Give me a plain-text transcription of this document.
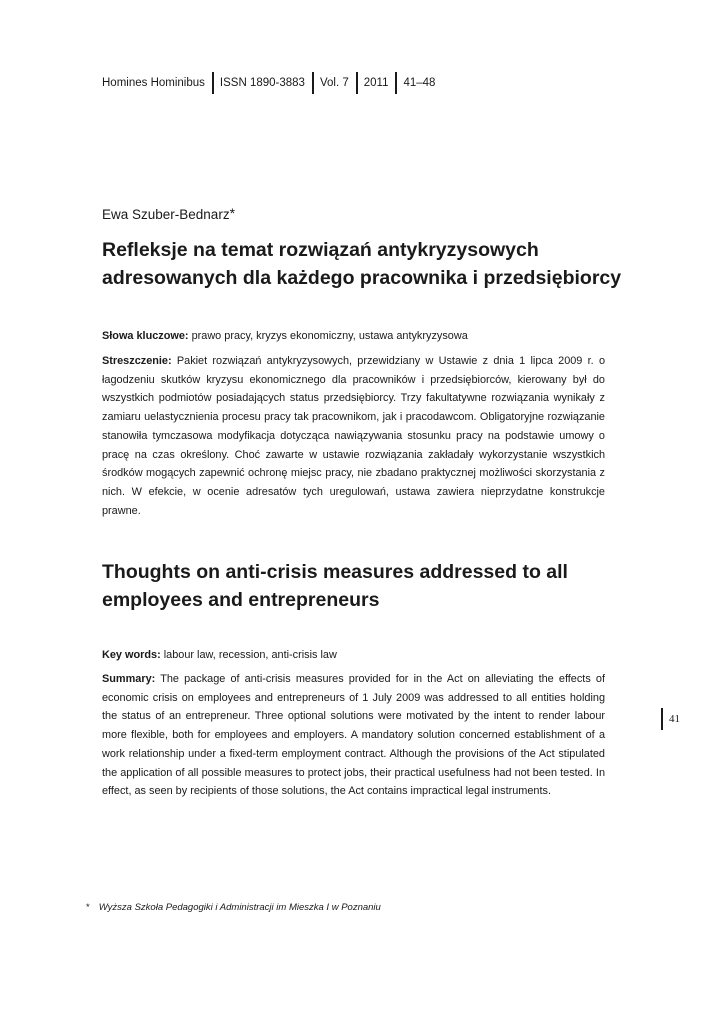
Homines Hominibus ISSN 1890-3883 Vol. 7 2011 41–48
Ewa Szuber-Bednarz*
Refleksje na temat rozwiązań antykryzysowych adresowanych dla każdego pracownika i przedsiębiorcy

Słowa kluczowe: prawo pracy, kryzys ekonomiczny, ustawa antykryzysowa

Streszczenie: Pakiet rozwiązań antykryzysowych, przewidziany w Ustawie z dnia 1 lipca 2009 r. o łagodzeniu skutków kryzysu ekonomicznego dla pracowników i przedsiębiorców, kierowany był do wszystkich podmiotów posiadających status przedsiębiorcy. Trzy fakultatywne rozwiązania wynikały z zamiaru uelastycznienia procesu pracy tak pracownikom, jak i pracodawcom. Obligatoryjne rozwiązanie stanowiła tymczasowa modyfikacja dotycząca nawiązywania stosunku pracy na podstawie umowy o pracę na czas określony. Choć zawarte w ustawie rozwiązania zakładały wykorzystanie wszystkich środków mogących zapewnić ochronę miejsc pracy, nie zbadano praktycznej możliwości skorzystania z nich. W efekcie, w ocenie adresatów tych uregulowań, ustawa zawiera nieprzydatne konstrukcje prawne.

Thoughts on anti-crisis measures addressed to all employees and entrepreneurs

Key words: labour law, recession, anti-crisis law

Summary: The package of anti-crisis measures provided for in the Act on alleviating the effects of economic crisis on employees and entrepreneurs of 1 July 2009 was addressed to all entities holding the status of an entrepreneur. Three optional solutions were motivated by the intent to render labour more flexible, both for employees and employers. A mandatory solution concerned establishment of a work relationship under a fixed-term employment contract. Although the provisions of the Act stipulated the application of all possible measures to protect jobs, their practical usefulness had not been tested. In effect, as seen by recipients of those solutions, the Act contains impractical legal instruments.

41
* Wyższa Szkoła Pedagogiki i Administracji im Mieszka I w Poznaniu
